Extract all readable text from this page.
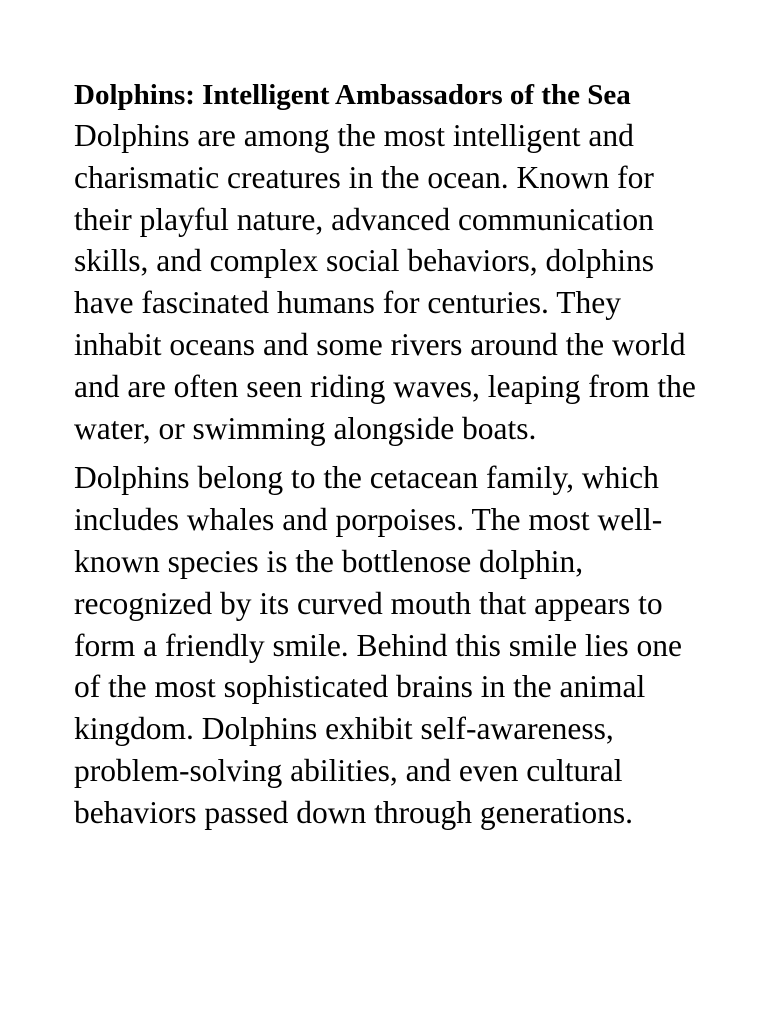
Dolphins: Intelligent Ambassadors of the Sea

Dolphins are among the most intelligent and charismatic creatures in the ocean. Known for their playful nature, advanced communication skills, and complex social behaviors, dolphins have fascinated humans for centuries. They inhabit oceans and some rivers around the world and are often seen riding waves, leaping from the water, or swimming alongside boats.

Dolphins belong to the cetacean family, which includes whales and porpoises. The most well-known species is the bottlenose dolphin, recognized by its curved mouth that appears to form a friendly smile. Behind this smile lies one of the most sophisticated brains in the animal kingdom. Dolphins exhibit self-awareness, problem-solving abilities, and even cultural behaviors passed down through generations.
